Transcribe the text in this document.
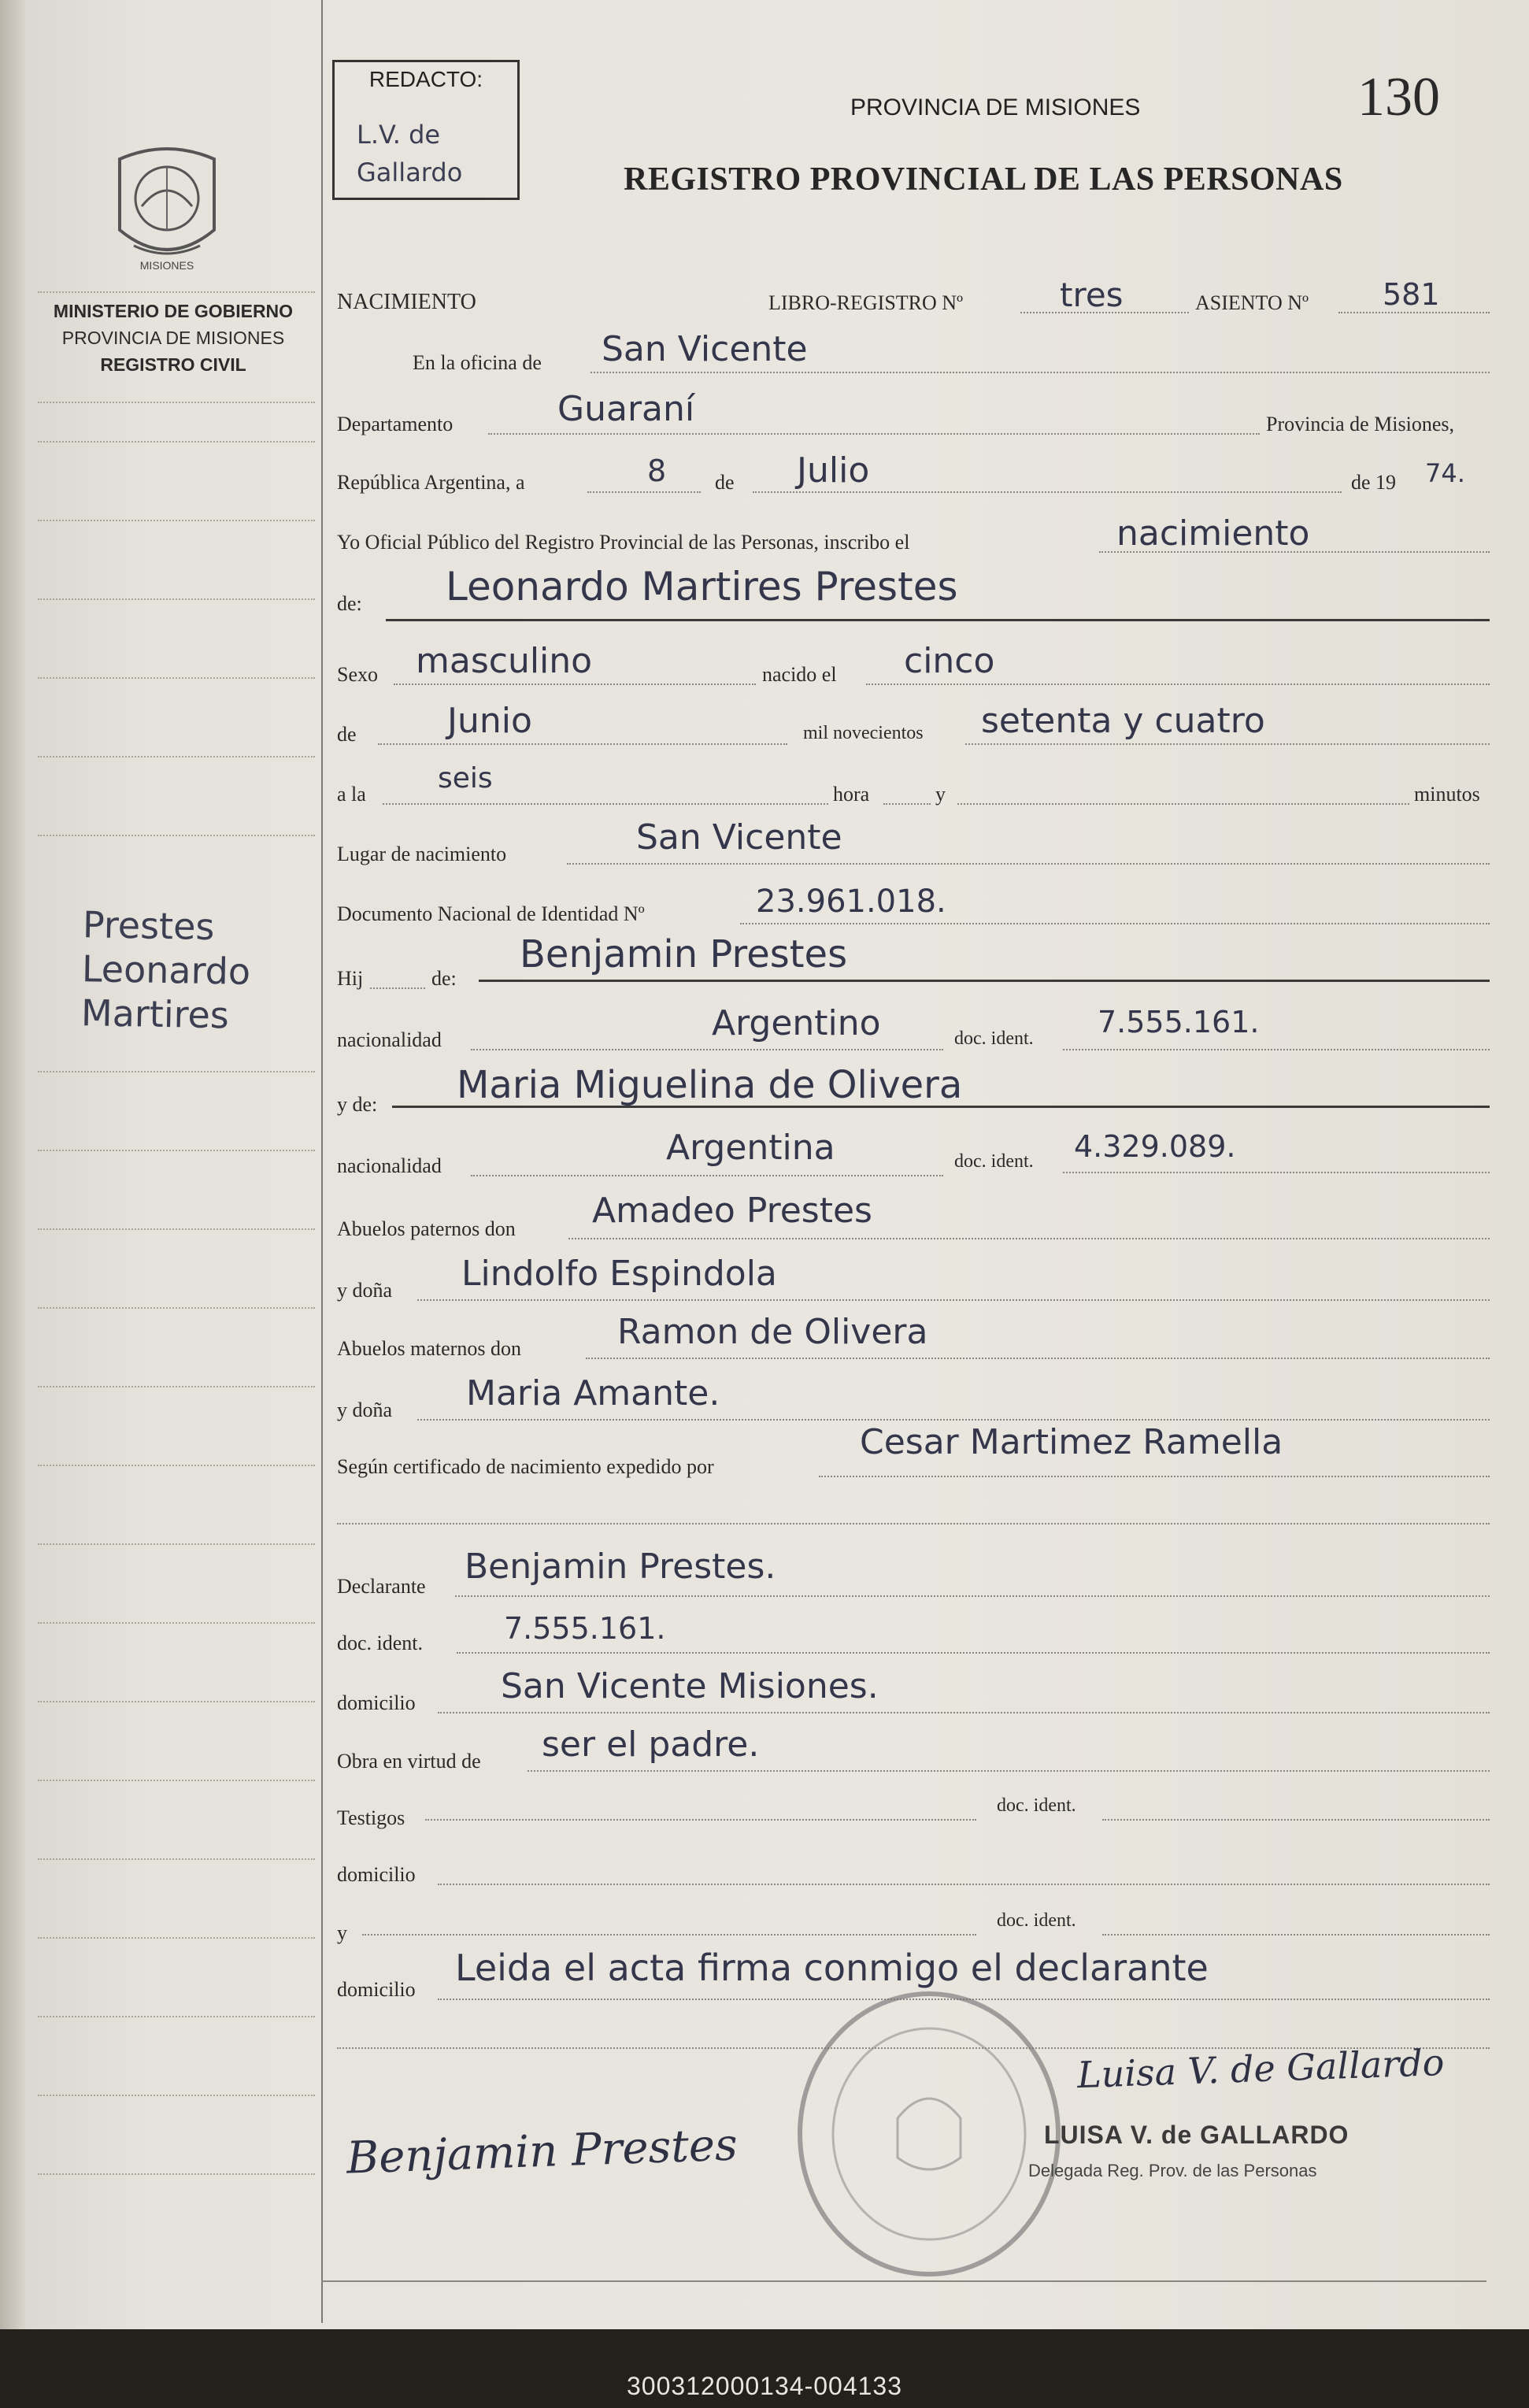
MISIONES
MINISTERIO DE GOBIERNO
PROVINCIA DE MISIONES
REGISTRO CIVIL
Prestes
Leonardo
Martires
REDACTO:
L.V. de
Gallardo
PROVINCIA DE MISIONES	130
REGISTRO PROVINCIAL DE LAS PERSONAS
NACIMIENTO	LIBRO-REGISTRO Nº	tres	ASIENTO Nº 581
En la oficina de San Vicente
Departamento	Guaraní	Provincia de Misiones,
República Argentina, a	8 de Julio	de 19 74.
Yo Oficial Público del Registro Provincial de las Personas, inscribo el	nacimiento
de: Leonardo Martires Prestes
Sexo masculino	nacido el cinco
de	Junio	mil novecientos setenta y cuatro
a la	seis	hora	y	minutos
Lugar de nacimiento	San Vicente
Documento Nacional de Identidad Nº	23.961.018.
Hij	de:
Benjamin Prestes
nacionalidad	Argentino	doc. ident. 7.555.161.
y de: Maria Miguelina de Olivera
nacionalidad	Argentina	doc. ident. 4.329.089.
Abuelos paternos don Amadeo Prestes
y doña Lindolfo Espindola
Abuelos maternos don	Ramon de Olivera
y doña Maria Amante.
Según certificado de nacimiento expedido por
Cesar Martimez Ramella
Declarante Benjamin Prestes.
doc. ident.	7.555.161.
domicilio San Vicente Misiones.
Obra en virtud de ser el padre.
Testigos
doc. ident.
domicilio
y
doc. ident.
domicilio
Leida el acta firma conmigo el declarante
Luisa V. de Gallardo
LUISA V. de GALLARDO
Delegada Reg. Prov. de las Personas
Benjamin Prestes
300312000134-004133
